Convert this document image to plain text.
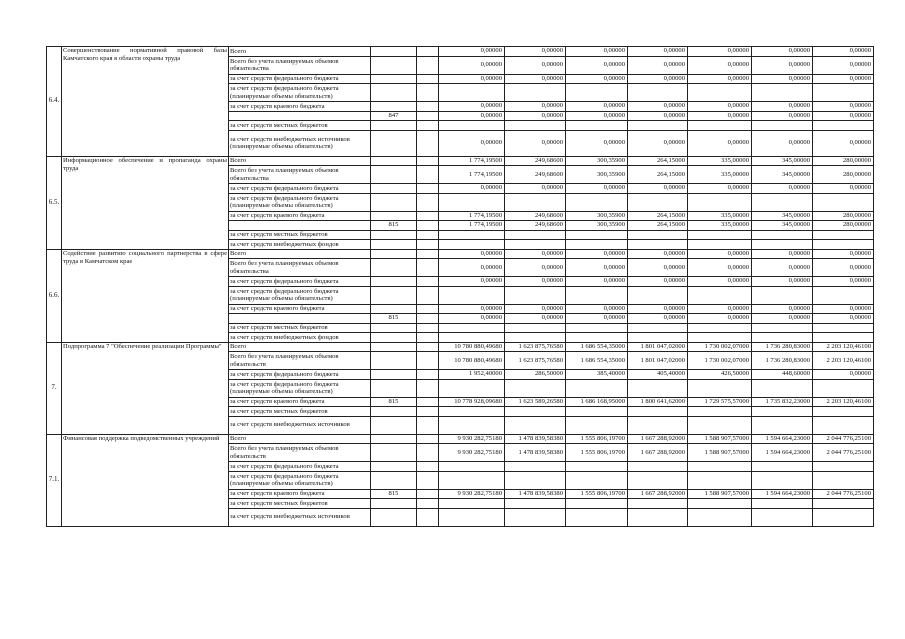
6.4.	Совершенствование нормативной правовой базы Камчатского края в области охраны труда	Всего			0,00000	0,00000	0,00000	0,00000	0,00000	0,00000	0,00000
		Всего без учета планируемых объемов обязательства			0,00000	0,00000	0,00000	0,00000	0,00000	0,00000	0,00000
		за счет средств федерального бюджета			0,00000	0,00000	0,00000	0,00000	0,00000	0,00000	0,00000
		за счет средств федерального бюджета (планируемые объемы обязательств)									
		за счет средств краевого бюджета			0,00000	0,00000	0,00000	0,00000	0,00000	0,00000	0,00000
			847		0,00000	0,00000	0,00000	0,00000	0,00000	0,00000	0,00000
		за счет средств местных бюджетов									
		за счет средств внебюджетных источников (планируемые объемы обязательств)			0,00000	0,00000	0,00000	0,00000	0,00000	0,00000	0,00000
6.5.	Информационное обеспечение и пропаганда охраны труда	Всего			1 774,19500	249,68600	300,35900	264,15000	335,00000	345,00000	280,00000
		Всего без учета планируемых объемов обязательства			1 774,19500	249,68600	300,35900	264,15000	335,00000	345,00000	280,00000
		за счет средств федерального бюджета			0,00000	0,00000	0,00000	0,00000	0,00000	0,00000	0,00000
		за счет средств федерального бюджета (планируемые объемы обязательств)									
		за счет средств краевого бюджета			1 774,19500	249,68600	300,35900	264,15000	335,00000	345,00000	280,00000
			815		1 774,19500	249,68600	300,35900	264,15000	335,00000	345,00000	280,00000
		за счет средств местных бюджетов									
		за счет средств внебюджетных фондов									
6.6.	Содействие развитию социального партнерства в сфере труда в Камчатском крае	Всего			0,00000	0,00000	0,00000	0,00000	0,00000	0,00000	0,00000
		Всего без учета планируемых объемов обязательства			0,00000	0,00000	0,00000	0,00000	0,00000	0,00000	0,00000
		за счет средств федерального бюджета			0,00000	0,00000	0,00000	0,00000	0,00000	0,00000	0,00000
		за счет средств федерального бюджета (планируемые объемы обязательств)									
		за счет средств краевого бюджета			0,00000	0,00000	0,00000	0,00000	0,00000	0,00000	0,00000
			815		0,00000	0,00000	0,00000	0,00000	0,00000	0,00000	0,00000
		за счет средств местных бюджетов									
		за счет средств внебюджетных фондов									
7.	Подпрограмма 7 "Обеспечение реализации Программы"	Всего			10 780 880,49680	1 623 875,76580	1 686 554,35000	1 801 047,02000	1 730 002,07000	1 736 280,83000	2 203 120,46100
		Всего без учета планируемых объемов обязательств			10 780 880,49680	1 623 875,76580	1 686 554,35000	1 801 047,02000	1 730 002,07000	1 736 280,83000	2 203 120,46100
		за счет средств федерального бюджета			1 952,40000	286,50000	385,40000	405,40000	426,50000	448,60000	0,00000
		за счет средств федерального бюджета (планируемые объемы обязательств)									
		за счет средств краевого бюджета	815		10 778 928,09680	1 623 589,26580	1 686 168,95000	1 800 641,62000	1 729 575,57000	1 735 832,23000	2 203 120,46100
		за счет средств местных бюджетов									
		за счет средств внебюджетных источников									
7.1.	Финансовая поддержка подведомственных учреждений	Всего			9 930 282,75180	1 478 839,58380	1 555 806,19700	1 667 288,92000	1 588 907,57000	1 594 664,23000	2 044 776,25100
		Всего без учета планируемых объемов обязательств			9 930 282,75180	1 478 839,58380	1 555 806,19700	1 667 288,92000	1 588 907,57000	1 594 664,23000	2 044 776,25100
		за счет средств федерального бюджета									
		за счет средств федерального бюджета (планируемые объемы обязательств)									
		за счет средств краевого бюджета	815		9 930 282,75180	1 478 839,58380	1 555 806,19700	1 667 288,92000	1 588 907,57000	1 594 664,23000	2 044 776,25100
		за счет средств местных бюджетов									
		за счет средств внебюджетных источников									
